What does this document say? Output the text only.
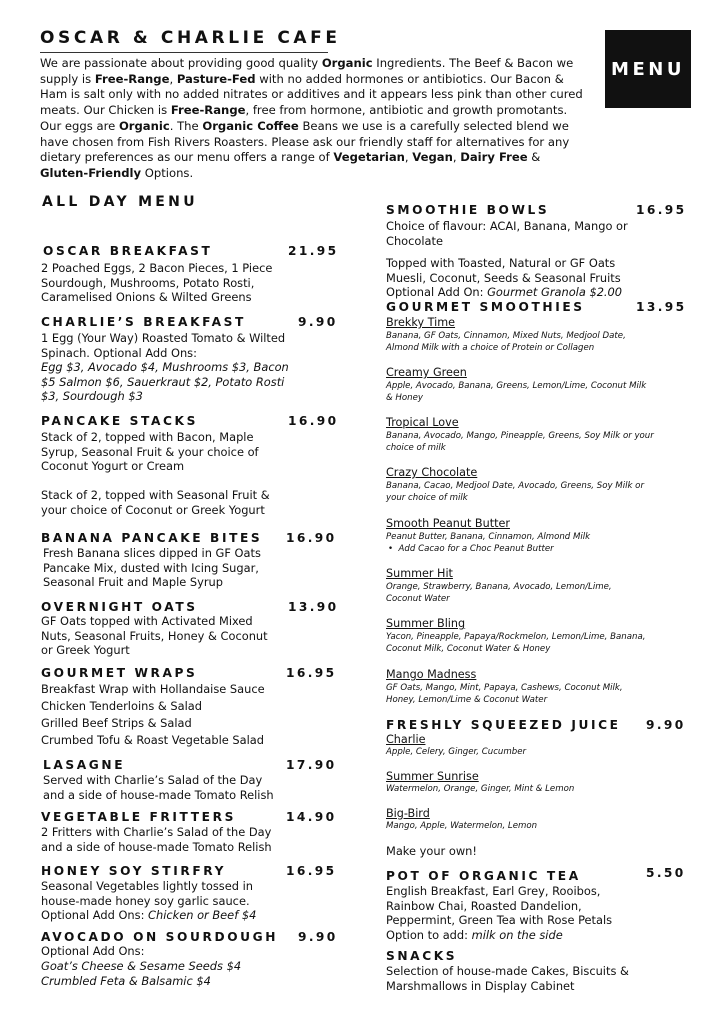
OSCAR & CHARLIE CAFE
We are passionate about providing good quality Organic Ingredients. The Beef & Bacon we supply is Free-Range, Pasture-Fed with no added hormones or antibiotics. Our Bacon & Ham is salt only with no added nitrates or additives and it appears less pink than other cured meats. Our Chicken is Free-Range, free from hormone, antibiotic and growth promotants. Our eggs are Organic. The Organic Coffee Beans we use is a carefully selected blend we have chosen from Fish Rivers Roasters. Please ask our friendly staff for alternatives for any dietary preferences as our menu offers a range of Vegetarian, Vegan, Dairy Free & Gluten-Friendly Options.
MENU
ALL DAY MENU
OSCAR BREAKFAST	21.95
2 Poached Eggs, 2 Bacon Pieces, 1 Piece Sourdough, Mushrooms, Potato Rosti, Caramelised Onions & Wilted Greens
CHARLIE’S BREAKFAST	9.90
1 Egg (Your Way) Roasted Tomato & Wilted Spinach. Optional Add Ons:
Egg $3, Avocado $4, Mushrooms $3, Bacon $5 Salmon $6, Sauerkraut $2, Potato Rosti $3, Sourdough $3
PANCAKE STACKS	16.90
Stack of 2, topped with Bacon, Maple Syrup, Seasonal Fruit & your choice of Coconut Yogurt or Cream
Stack of 2, topped with Seasonal Fruit & your choice of Coconut or Greek Yogurt
BANANA PANCAKE BITES 16.90
Fresh Banana slices dipped in GF Oats Pancake Mix, dusted with Icing Sugar, Seasonal Fruit and Maple Syrup
OVERNIGHT OATS	13.90
GF Oats topped with Activated Mixed Nuts, Seasonal Fruits, Honey & Coconut or Greek Yogurt
GOURMET WRAPS	16.95
Breakfast Wrap with Hollandaise Sauce
Chicken Tenderloins & Salad
Grilled Beef Strips & Salad
Crumbed Tofu & Roast Vegetable Salad
LASAGNE	17.90
Served with Charlie’s Salad of the Day and a side of house-made Tomato Relish
VEGETABLE FRITTERS	14.90
2 Fritters with Charlie’s Salad of the Day and a side of house-made Tomato Relish
HONEY SOY STIRFRY	16.95
Seasonal Vegetables lightly tossed in house-made honey soy garlic sauce.
Optional Add Ons: Chicken or Beef $4
AVOCADO ON SOURDOUGH 9.90
Optional Add Ons:
Goat’s Cheese & Sesame Seeds $4
Crumbled Feta & Balsamic $4
SMOOTHIE BOWLS	16.95
Choice of flavour: ACAI, Banana, Mango or Chocolate
Topped with Toasted, Natural or GF Oats Muesli, Coconut, Seeds & Seasonal Fruits
Optional Add On: Gourmet Granola $2.00
GOURMET SMOOTHIES	13.95
Brekky Time
Banana, GF Oats, Cinnamon, Mixed Nuts, Medjool Date, Almond Milk with a choice of Protein or Collagen
Creamy Green
Apple, Avocado, Banana, Greens, Lemon/Lime, Coconut Milk & Honey
Tropical Love
Banana, Avocado, Mango, Pineapple, Greens, Soy Milk or your choice of milk
Crazy Chocolate
Banana, Cacao, Medjool Date, Avocado, Greens, Soy Milk or your choice of milk
Smooth Peanut Butter
Peanut Butter, Banana, Cinnamon, Almond Milk
•  Add Cacao for a Choc Peanut Butter
Summer Hit
Orange, Strawberry, Banana, Avocado, Lemon/Lime, Coconut Water
Summer Bling
Yacon, Pineapple, Papaya/Rockmelon, Lemon/Lime, Banana, Coconut Milk, Coconut Water & Honey
Mango Madness
GF Oats, Mango, Mint, Papaya, Cashews, Coconut Milk, Honey, Lemon/Lime & Coconut Water
FRESHLY SQUEEZED JUICE 9.90
Charlie
Apple, Celery, Ginger, Cucumber
Summer Sunrise
Watermelon, Orange, Ginger, Mint & Lemon
Big-Bird
Mango, Apple, Watermelon, Lemon
Make your own!
POT OF ORGANIC TEA	5.50
English Breakfast, Earl Grey, Rooibos, Rainbow Chai, Roasted Dandelion, Peppermint, Green Tea with Rose Petals
Option to add: milk on the side
SNACKS
Selection of house-made Cakes, Biscuits & Marshmallows in Display Cabinet
